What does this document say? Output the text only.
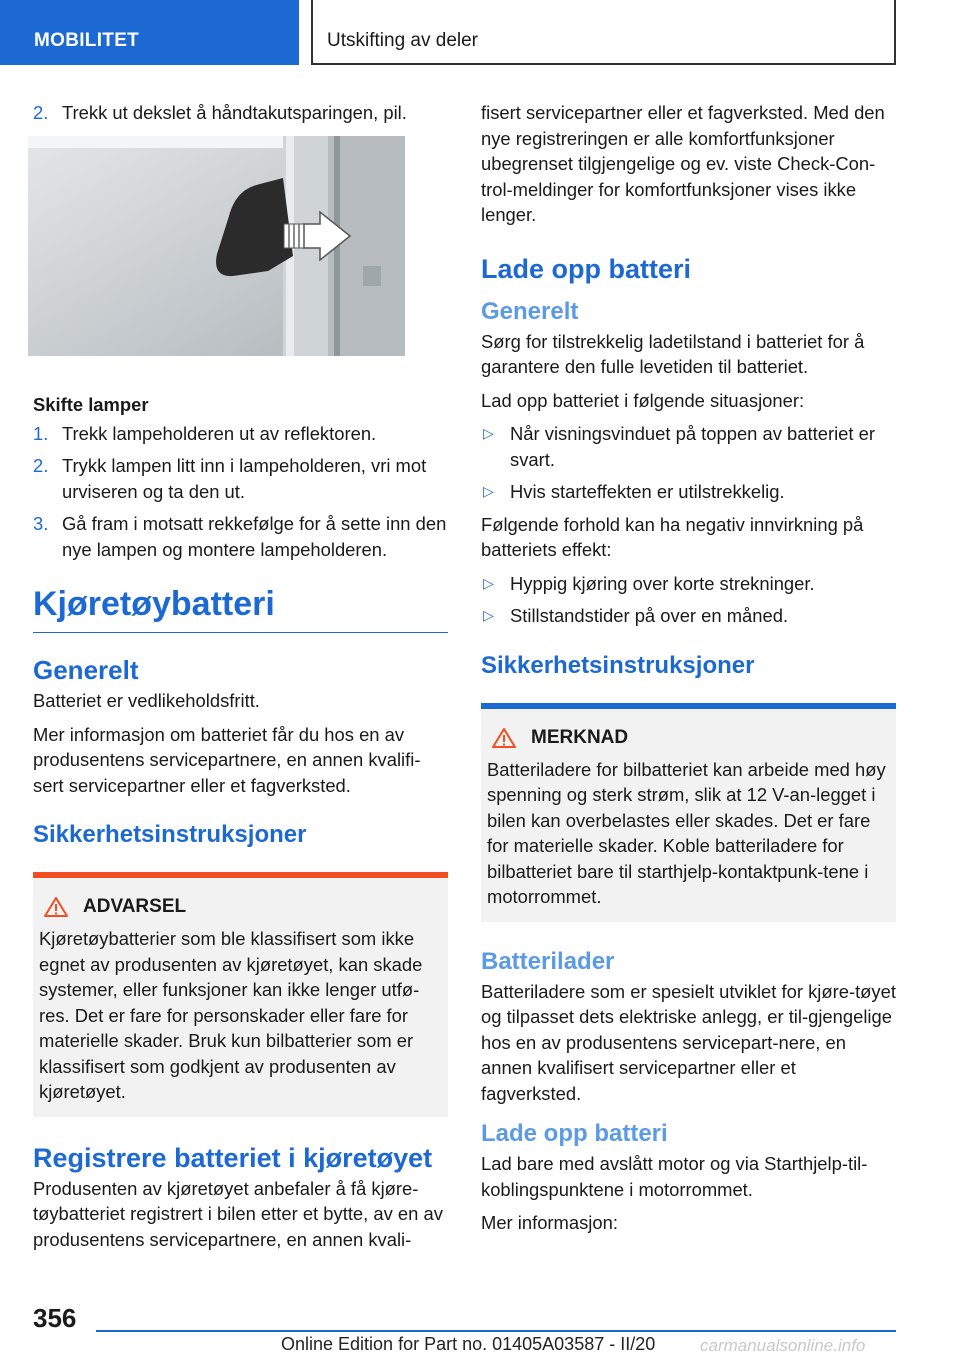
MOBILITET	Utskifting av deler
2. Trekk ut dekslet å håndtakutsparingen, pil.
Skifte lamper
1. Trekk lampeholderen ut av reflektoren.
2. Trykk lampen litt inn i lampeholderen, vri mot urviseren og ta den ut.
3. Gå fram i motsatt rekkefølge for å sette inn den nye lampen og montere lampeholderen.
Kjøretøybatteri
Generelt

Batteriet er vedlikeholdsfritt.

Mer informasjon om batteriet får du hos en av produsentens servicepartnere, en annen kvalifi-sert servicepartner eller et fagverksted.

Sikkerhetsinstruksjoner
ADVARSEL

Kjøretøybatterier som ble klassifisert som ikke egnet av produsenten av kjøretøyet, kan skade systemer, eller funksjoner kan ikke lenger utfø-res. Det er fare for personskader eller fare for materielle skader. Bruk kun bilbatterier som er klassifisert som godkjent av produsenten av kjøretøyet.

Registrere batteriet i kjøretøyet

Produsenten av kjøretøyet anbefaler å få kjøre-tøybatteriet registrert i bilen etter et bytte, av en av produsentens servicepartnere, en annen kvali-

fisert servicepartner eller et fagverksted. Med den nye registreringen er alle komfortfunksjoner ubegrenset tilgjengelige og ev. viste Check-Con-trol-meldinger for komfortfunksjoner vises ikke lenger.

Lade opp batteri
Generelt

Sørg for tilstrekkelig ladetilstand i batteriet for å garantere den fulle levetiden til batteriet.

Lad opp batteriet i følgende situasjoner:

▷ Når visningsvinduet på toppen av batteriet er svart.
▷ Hvis starteffekten er utilstrekkelig.

Følgende forhold kan ha negativ innvirkning på batteriets effekt:

▷ Hyppig kjøring over korte strekninger.
▷ Stillstandstider på over en måned.
Sikkerhetsinstruksjoner
MERKNAD

Batteriladere for bilbatteriet kan arbeide med høy spenning og sterk strøm, slik at 12 V-an-legget i bilen kan overbelastes eller skades. Det er fare for materielle skader. Koble batteriladere for bilbatteriet bare til starthjelp-kontaktpunk-tene i motorrommet.

Batterilader

Batteriladere som er spesielt utviklet for kjøre-tøyet og tilpasset dets elektriske anlegg, er til-gjengelige hos en av produsentens servicepart-nere, en annen kvalifisert servicepartner eller et fagverksted.

Lade opp batteri

Lad bare med avslått motor og via Starthjelp-til-koblingspunktene i motorrommet.

Mer informasjon:

356
Online Edition for Part no. 01405A03587 - II/20	carmanualsonline.info
